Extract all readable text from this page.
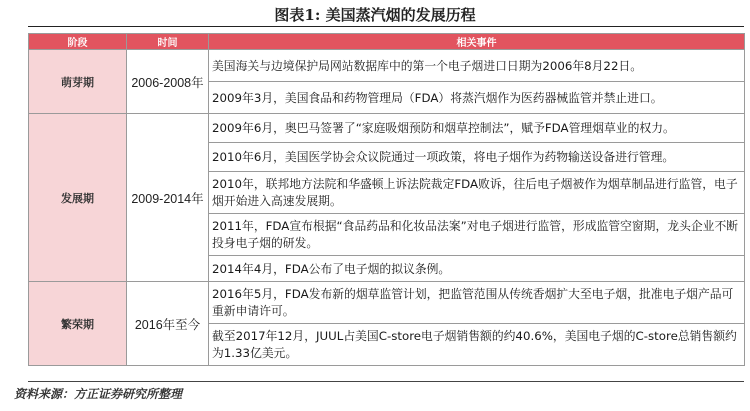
图表1: 美国蒸汽烟的发展历程
阶段	时间	相关事件
萌芽期	2006-2008年	美国海关与边境保护局网站数据库中的第一个电子烟进口日期为2006年8月22日。
		2009年3月，美国食品和药物管理局（FDA）将蒸汽烟作为医药器械监管并禁止进口。
发展期	2009-2014年	2009年6月，奥巴马签署了“家庭吸烟预防和烟草控制法”，赋予FDA管理烟草业的权力。
		2010年6月，美国医学协会众议院通过一项政策，将电子烟作为药物输送设备进行管理。
		2010年，联邦地方法院和华盛顿上诉法院裁定FDA败诉，往后电子烟被作为烟草制品进行监管，电子烟开始进入高速发展期。
		2011年，FDA宣布根据“食品药品和化妆品法案”对电子烟进行监管，形成监管空窗期，龙头企业不断投身电子烟的研发。
		2014年4月，FDA公布了电子烟的拟议条例。
繁荣期	2016年至今	2016年5月，FDA发布新的烟草监管计划，把监管范围从传统香烟扩大至电子烟，批准电子烟产品可重新申请许可。
		截至2017年12月，JUUL占美国C-store电子烟销售额的约40.6%，美国电子烟的C-store总销售额约为1.33亿美元。
资料来源：方正证券研究所整理
